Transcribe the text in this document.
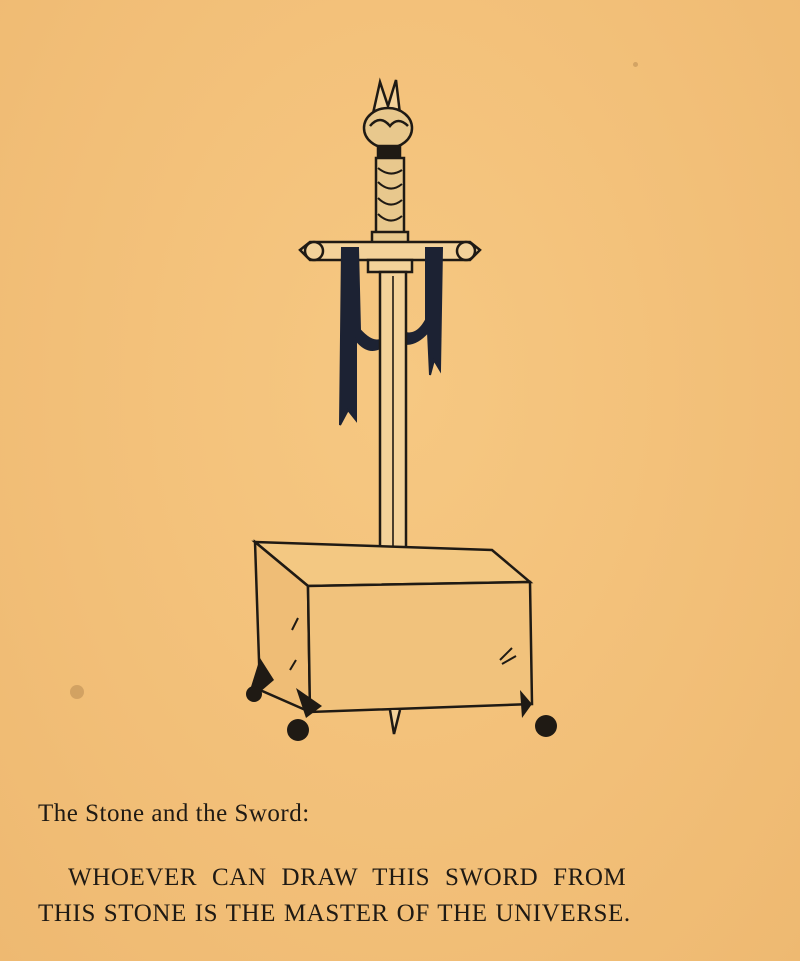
The Stone and the Sword:
WHOEVER CAN DRAW THIS SWORD FROM
THIS STONE IS THE MASTER OF THE UNIVERSE.
